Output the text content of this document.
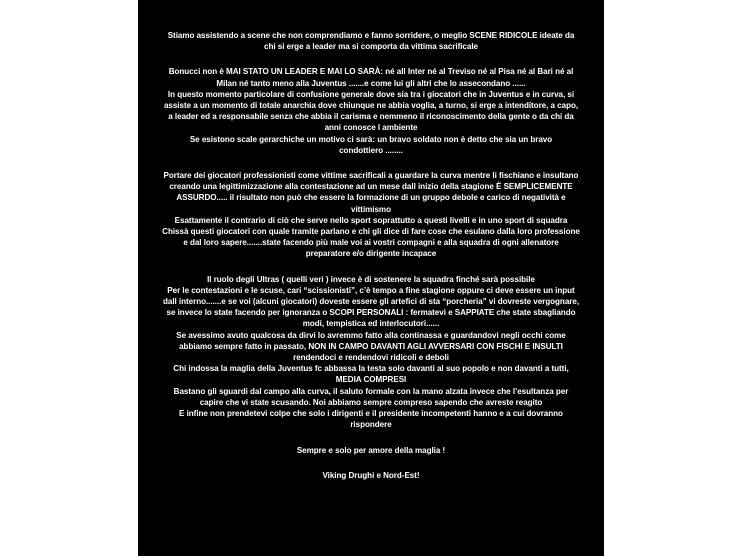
Stiamo assistendo a scene che non comprendiamo e fanno sorridere, o meglio SCENE RIDICOLE ideate da
chi si erge a leader ma si comporta da vittima sacrificale
Bonucci non è MAI STATO UN LEADER E MAI LO SARÀ: né all Inter né al Treviso né al Pisa né al Bari né al
Milan né tanto meno alla Juventus .......e come lui gli altri che lo assecondano ......
In questo momento particolare di confusione generale dove sia tra i giocatori che in Juventus e in curva, si
assiste a un momento di totale anarchia dove chiunque ne abbia voglia, a turno, si erge a intenditore, a capo,
a leader ed a responsabile senza che abbia il carisma e nemmeno il riconoscimento della gente o da chi da
anni conosce l ambiente
Se esistono scale gerarchiche un motivo ci sarà: un bravo soldato non è detto che sia un bravo
condottiero ........
Portare dei giocatori professionisti come vittime sacrificali a guardare la curva mentre li fischiano e insultano
creando una legittimizzazione alla contestazione ad un mese dall inizio della stagione È SEMPLICEMENTE
ASSURDO..... il risultato non può che essere la formazione di un gruppo debole e carico di negatività e
vittimismo
Esattamente il contrario di ciò che serve nello sport soprattutto a questi livelli e in uno sport di squadra
Chissà questi giocatori con quale tramite parlano e chi gli dice di fare cose che esulano dalla loro professione
e dal loro sapere.......state facendo più male voi ai vostri compagni e alla squadra di ogni allenatore
preparatore e/o dirigente incapace
Il ruolo degli Ultras ( quelli veri ) invece è di sostenere la squadra finché sarà possibile
Per le contestazioni e le scuse, cari “scissionisti”, c’è tempo a fine stagione oppure ci deve essere un input
dall interno.......e se voi (alcuni giocatori) doveste essere gli artefici di sta “porcheria” vi dovreste vergognare,
se invece lo state facendo per ignoranza o SCOPI PERSONALI : fermatevi e SAPPIATE che state sbagliando
modi, tempistica ed interlocutori......
Se avessimo avuto qualcosa da dirvi lo avremmo fatto alla continassa e guardandovi negli occhi come
abbiamo sempre fatto in passato, NON IN CAMPO DAVANTI AGLI AVVERSARI CON FISCHI E INSULTI
rendendoci e rendendovi ridicoli e deboli
Chi indossa la maglia della Juventus fc abbassa la testa solo davanti al suo popolo e non davanti a tutti,
MEDIA COMPRESI
Bastano gli sguardi dal campo alla curva, il saluto formale con la mano alzata invece che l’esultanza per
capire che vi state scusando. Noi abbiamo sempre compreso sapendo che avreste reagito
E infine non prendetevi colpe che solo i dirigenti e il presidente incompetenti hanno e a cui dovranno
rispondere
Sempre e solo per amore della maglia !
Viking Drughi e Nord-Est!
